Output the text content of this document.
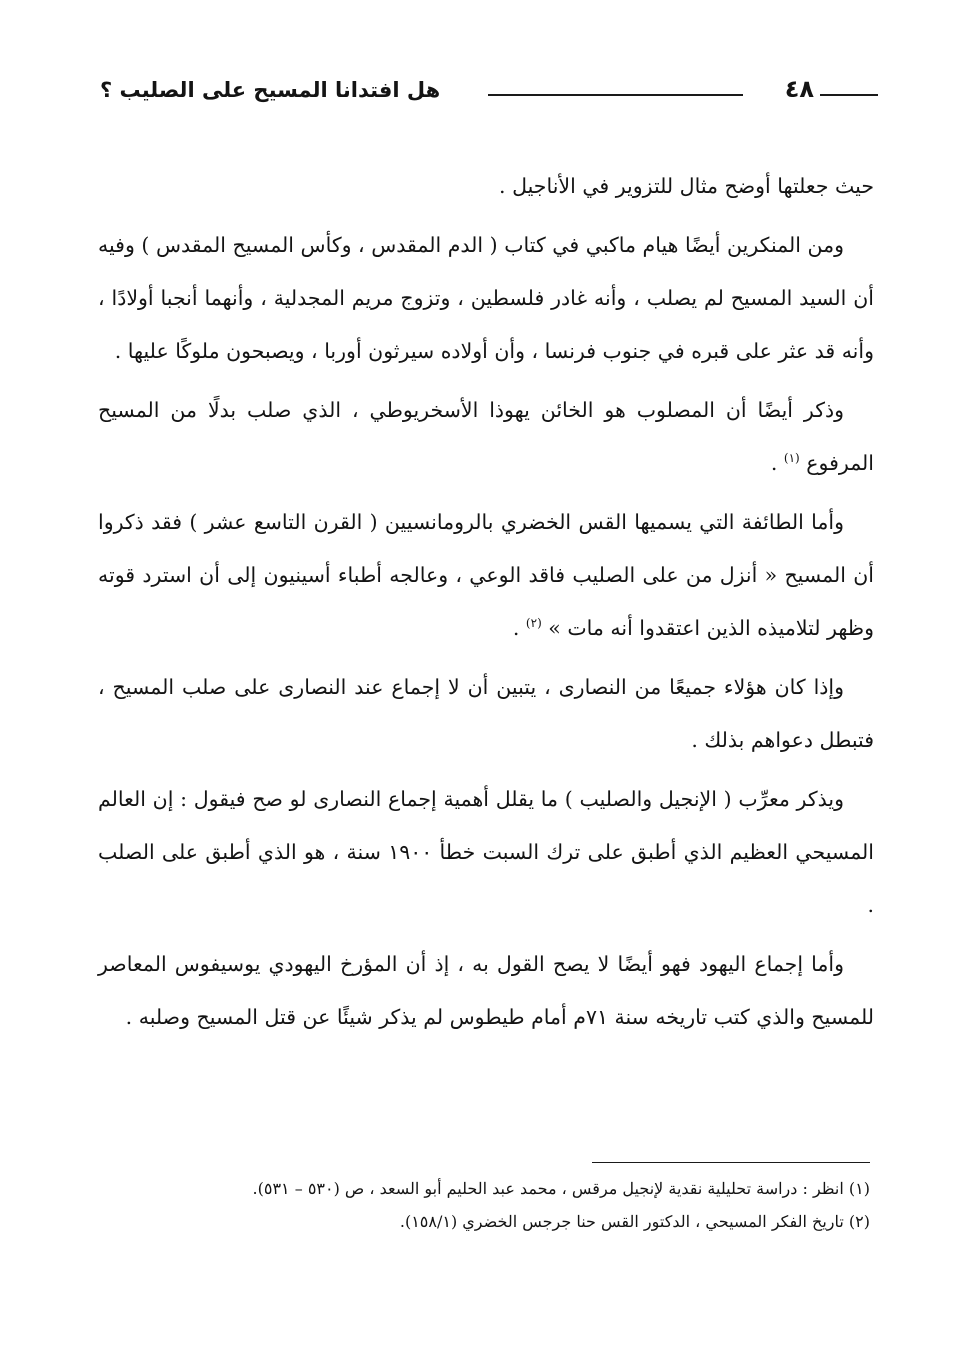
٤٨
هل افتدانا المسيح على الصليب ؟

حيث جعلتها أوضح مثال للتزوير في الأناجيل .

ومن المنكرين أيضًا هيام ماكبي في كتاب ( الدم المقدس ، وكأس المسيح المقدس ) وفيه أن السيد المسيح لم يصلب ، وأنه غادر فلسطين ، وتزوج مريم المجدلية ، وأنهما أنجبا أولادًا ، وأنه قد عثر على قبره في جنوب فرنسا ، وأن أولاده سيرثون أوربا ، ويصبحون ملوكًا عليها .

وذكر أيضًا أن المصلوب هو الخائن يهوذا الأسخريوطي ، الذي صلب بدلًا من المسيح المرفوع $^{(١)}$ .

وأما الطائفة التي يسميها القس الخضري بالرومانسيين ( القرن التاسع عشر ) فقد ذكروا أن المسيح « أنزل من على الصليب فاقد الوعي ، وعالجه أطباء أسينيون إلى أن استرد قوته وظهر لتلاميذه الذين اعتقدوا أنه مات » $^{(٢)}$ .

وإذا كان هؤلاء جميعًا من النصارى ، يتبين أن لا إجماع عند النصارى على صلب المسيح ، فتبطل دعواهم بذلك .

ويذكر معرِّب ( الإنجيل والصليب ) ما يقلل أهمية إجماع النصارى لو صح فيقول : إن العالم المسيحي العظيم الذي أطبق على ترك السبت خطأ ١٩٠٠ سنة ، هو الذي أطبق على الصلب .

وأما إجماع اليهود فهو أيضًا لا يصح القول به ، إذ أن المؤرخ اليهودي يوسيفوس المعاصر للمسيح والذي كتب تاريخه سنة ٧١م أمام طيطوس لم يذكر شيئًا عن قتل المسيح وصلبه .

(١) انظر : دراسة تحليلية نقدية لإنجيل مرقس ، محمد عبد الحليم أبو السعد ، ص (٥٣٠ – ٥٣١).
(٢) تاريخ الفكر المسيحي ، الدكتور القس حنا جرجس الخضري (١٥٨/١).
